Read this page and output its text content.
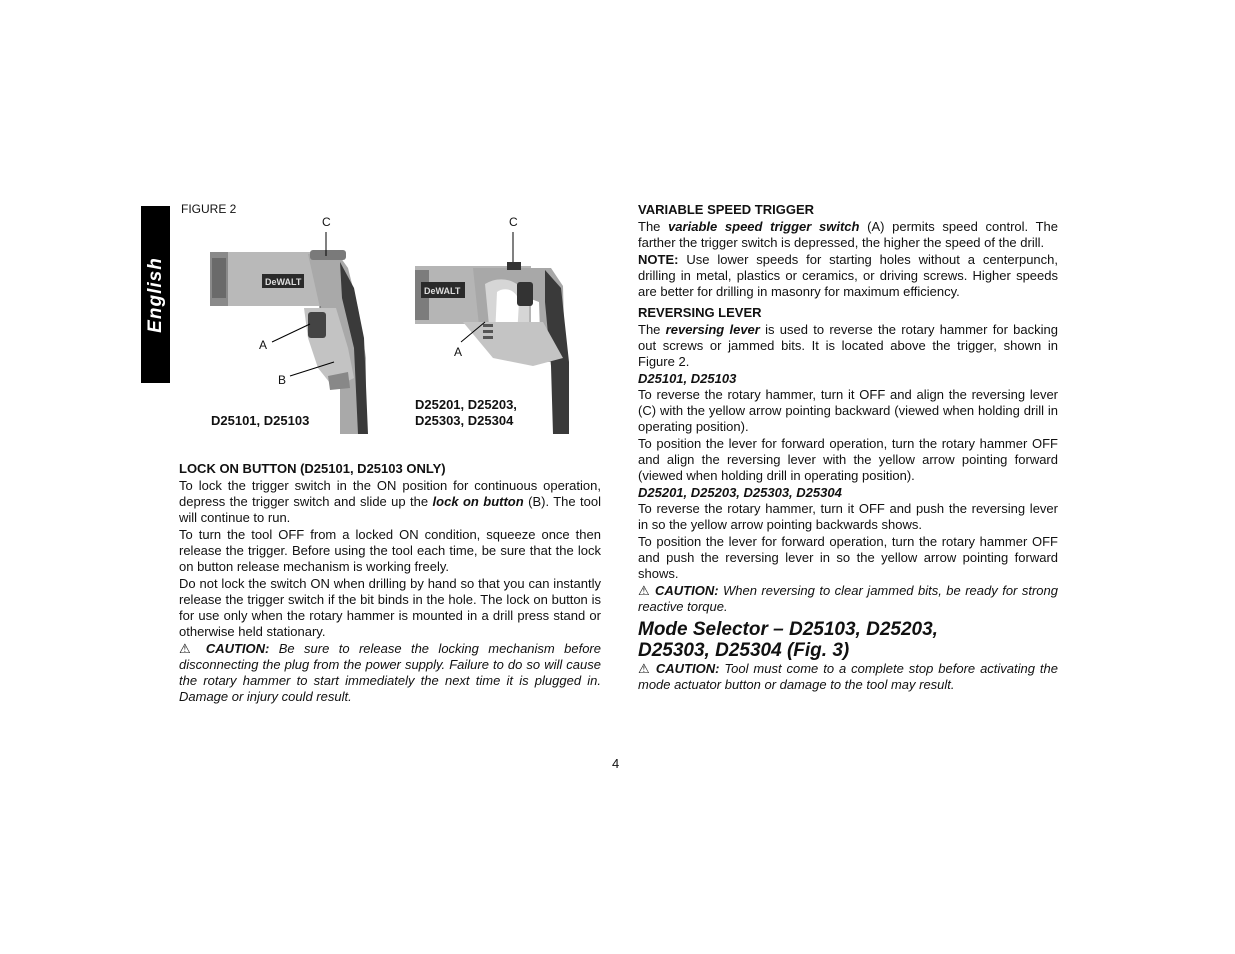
English
FIGURE 2
DeWALT
C
A
B
D25101, D25103
DeWALT
C
A
D25201, D25203,
D25303, D25304
LOCK ON BUTTON (D25101, D25103 ONLY)

To lock the trigger switch in the ON position for continuous operation, depress the trigger switch and slide up the lock on button (B). The tool will continue to run.

To turn the tool OFF from a locked ON condition, squeeze once then release the trigger. Before using the tool each time, be sure that the lock on button release mechanism is working freely.

Do not lock the switch ON when drilling by hand so that you can instantly release the trigger switch if the bit binds in the hole. The lock on button is for use only when the rotary hammer is mounted in a drill press stand or otherwise held stationary.

⚠ CAUTION: Be sure to release the locking mechanism before disconnecting the plug from the power supply. Failure to do so will cause the rotary hammer to start immediately the next time it is plugged in. Damage or injury could result.

VARIABLE SPEED TRIGGER

The variable speed trigger switch (A) permits speed control. The farther the trigger switch is depressed, the higher the speed of the drill.

NOTE: Use lower speeds for starting holes without a centerpunch, drilling in metal, plastics or ceramics, or driving screws. Higher speeds are better for drilling in masonry for maximum efficiency.

REVERSING LEVER

The reversing lever is used to reverse the rotary hammer for backing out screws or jammed bits. It is located above the trigger, shown in Figure 2.

D25101, D25103

To reverse the rotary hammer, turn it OFF and align the reversing lever (C) with the yellow arrow pointing backward (viewed when holding drill in operating position).

To position the lever for forward operation, turn the rotary hammer OFF and align the reversing lever with the yellow arrow pointing forward (viewed when holding drill in operating position).

D25201, D25203, D25303, D25304

To reverse the rotary hammer, turn it OFF and push the reversing lever in so the yellow arrow pointing backwards shows.

To position the lever for forward operation, turn the rotary hammer OFF and push the reversing lever in so the yellow arrow pointing forward shows.

⚠ CAUTION: When reversing to clear jammed bits, be ready for strong reactive torque.

Mode Selector – D25103, D25203,
D25303, D25304 (Fig. 3)

⚠ CAUTION: Tool must come to a complete stop before activating the mode actuator button or damage to the tool may result.

4
